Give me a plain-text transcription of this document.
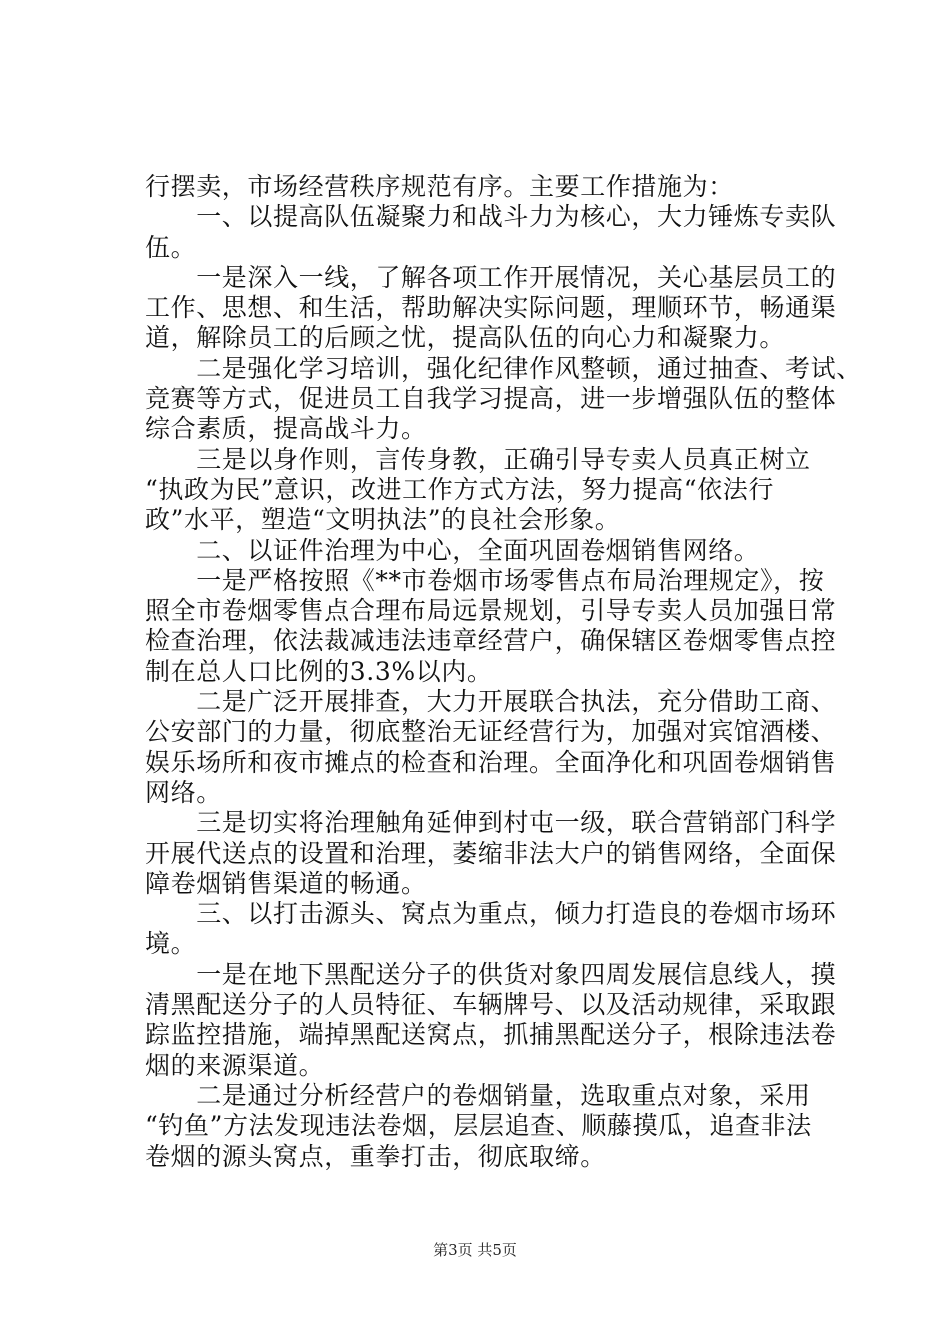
行摆卖，市场经营秩序规范有序。主要工作措施为：
　　一、以提高队伍凝聚力和战斗力为核心，大力锤炼专卖队
伍。
　　一是深入一线，了解各项工作开展情况，关心基层员工的
工作、思想、和生活，帮助解决实际问题，理顺环节，畅通渠
道，解除员工的后顾之忧，提高队伍的向心力和凝聚力。
　　二是强化学习培训，强化纪律作风整顿，通过抽查、考试、
竞赛等方式，促进员工自我学习提高，进一步增强队伍的整体
综合素质，提高战斗力。
　　三是以身作则，言传身教，正确引导专卖人员真正树立
“执政为民”意识，改进工作方式方法，努力提高“依法行
政”水平，塑造“文明执法”的良社会形象。
　　二、以证件治理为中心，全面巩固卷烟销售网络。
　　一是严格按照《**市卷烟市场零售点布局治理规定》，按
照全市卷烟零售点合理布局远景规划，引导专卖人员加强日常
检查治理，依法裁减违法违章经营户，确保辖区卷烟零售点控
制在总人口比例的3.3%以内。
　　二是广泛开展排查，大力开展联合执法，充分借助工商、
公安部门的力量，彻底整治无证经营行为，加强对宾馆酒楼、
娱乐场所和夜市摊点的检查和治理。全面净化和巩固卷烟销售
网络。
　　三是切实将治理触角延伸到村屯一级，联合营销部门科学
开展代送点的设置和治理，萎缩非法大户的销售网络，全面保
障卷烟销售渠道的畅通。
　　三、以打击源头、窝点为重点，倾力打造良的卷烟市场环
境。
　　一是在地下黑配送分子的供货对象四周发展信息线人，摸
清黑配送分子的人员特征、车辆牌号、以及活动规律，采取跟
踪监控措施，端掉黑配送窝点，抓捕黑配送分子，根除违法卷
烟的来源渠道。
　　二是通过分析经营户的卷烟销量，选取重点对象，采用
“钓鱼”方法发现违法卷烟，层层追查、顺藤摸瓜，追查非法
卷烟的源头窝点，重拳打击，彻底取缔。
第3页 共5页
